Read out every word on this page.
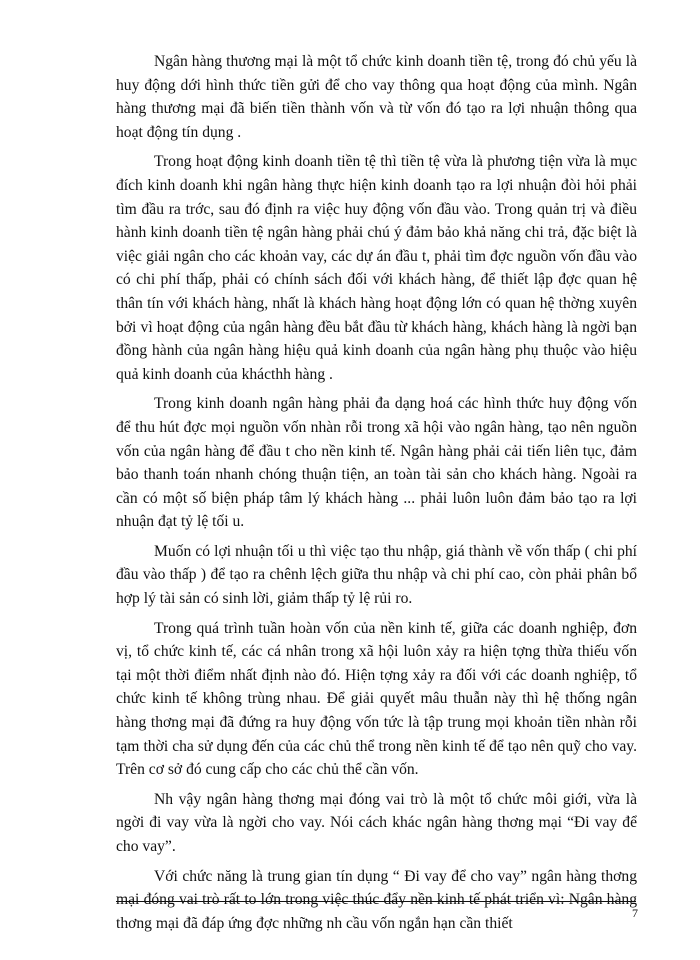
Ngân hàng thương mại là một tổ chức kinh doanh tiền tệ, trong đó chủ yếu là huy động dới hình thức tiền gửi để cho vay thông qua hoạt động của mình. Ngân hàng thương mại đã biến tiền thành vốn và từ vốn đó tạo ra lợi nhuận thông qua hoạt động tín dụng .

Trong hoạt động kinh doanh tiền tệ thì tiền tệ vừa là phương tiện vừa là mục đích kinh doanh khi ngân hàng thực hiện kinh doanh tạo ra lợi nhuận đòi hỏi phải tìm đầu ra trớc, sau đó định ra việc huy động vốn đầu vào. Trong quản trị và điều hành kinh doanh tiền tệ ngân hàng phải chú ý đảm bảo khả năng chi trả, đặc biệt là việc giải ngân cho các khoản vay, các dự án đầu t, phải tìm đợc nguồn vốn đầu vào có chi phí thấp, phải có chính sách đối với khách hàng, để thiết lập đợc quan hệ thân tín với khách hàng, nhất là khách hàng hoạt động lớn có quan hệ thờng xuyên bởi vì hoạt động của ngân hàng đều bắt đầu từ khách hàng, khách hàng là ngời bạn đồng hành của ngân hàng hiệu quả kinh doanh của ngân hàng phụ thuộc vào hiệu quả kinh doanh của khácthh hàng .

Trong kinh doanh ngân hàng phải đa dạng hoá các hình thức huy động vốn để thu hút đợc mọi nguồn vốn nhàn rỗi trong xã hội vào ngân hàng, tạo nên nguồn vốn của ngân hàng để đầu t cho nền kinh tế. Ngân hàng phải cải tiến liên tục, đảm bảo thanh toán nhanh chóng thuận tiện, an toàn tài sản cho khách hàng. Ngoài ra cần có một số biện pháp tâm lý khách hàng ... phải luôn luôn đảm bảo tạo ra lợi nhuận đạt tỷ lệ tối u.

Muốn có lợi nhuận tối u thì việc tạo thu nhập, giá thành về vốn thấp ( chi phí đầu vào thấp ) để tạo ra chênh lệch giữa thu nhập và chi phí cao, còn phải phân bổ hợp lý tài sản có sinh lời, giảm thấp tỷ lệ rủi ro.

Trong quá trình tuần hoàn vốn của nền kinh tế, giữa các doanh nghiệp, đơn vị, tổ chức kinh tế, các cá nhân trong xã hội luôn xảy ra hiện tợng thừa thiếu vốn tại một thời điểm nhất định nào đó. Hiện tợng xảy ra đối với các doanh nghiệp, tổ chức kinh tế không trùng nhau. Để giải quyết mâu thuẫn này thì hệ thống ngân hàng thơng mại đã đứng ra huy động vốn tức là tập trung mọi khoản tiền nhàn rỗi tạm thời cha sử dụng đến của các chủ thể trong nền kinh tế để tạo nên quỹ cho vay. Trên cơ sở đó cung cấp cho các chủ thể cần vốn.

Nh vậy ngân hàng thơng mại đóng vai trò là một tổ chức môi giới, vừa là ngời đi vay vừa là ngời cho vay. Nói cách khác ngân hàng thơng mại “Đi vay để cho vay”.

Với chức năng là trung gian tín dụng “ Đi vay để cho vay” ngân hàng thơng mại đóng vai trò rất to lớn trong việc thúc đẩy nền kinh tế phát triển vì: Ngân hàng thơng mại đã đáp ứng đợc những nh cầu vốn ngắn hạn cần thiết

7
